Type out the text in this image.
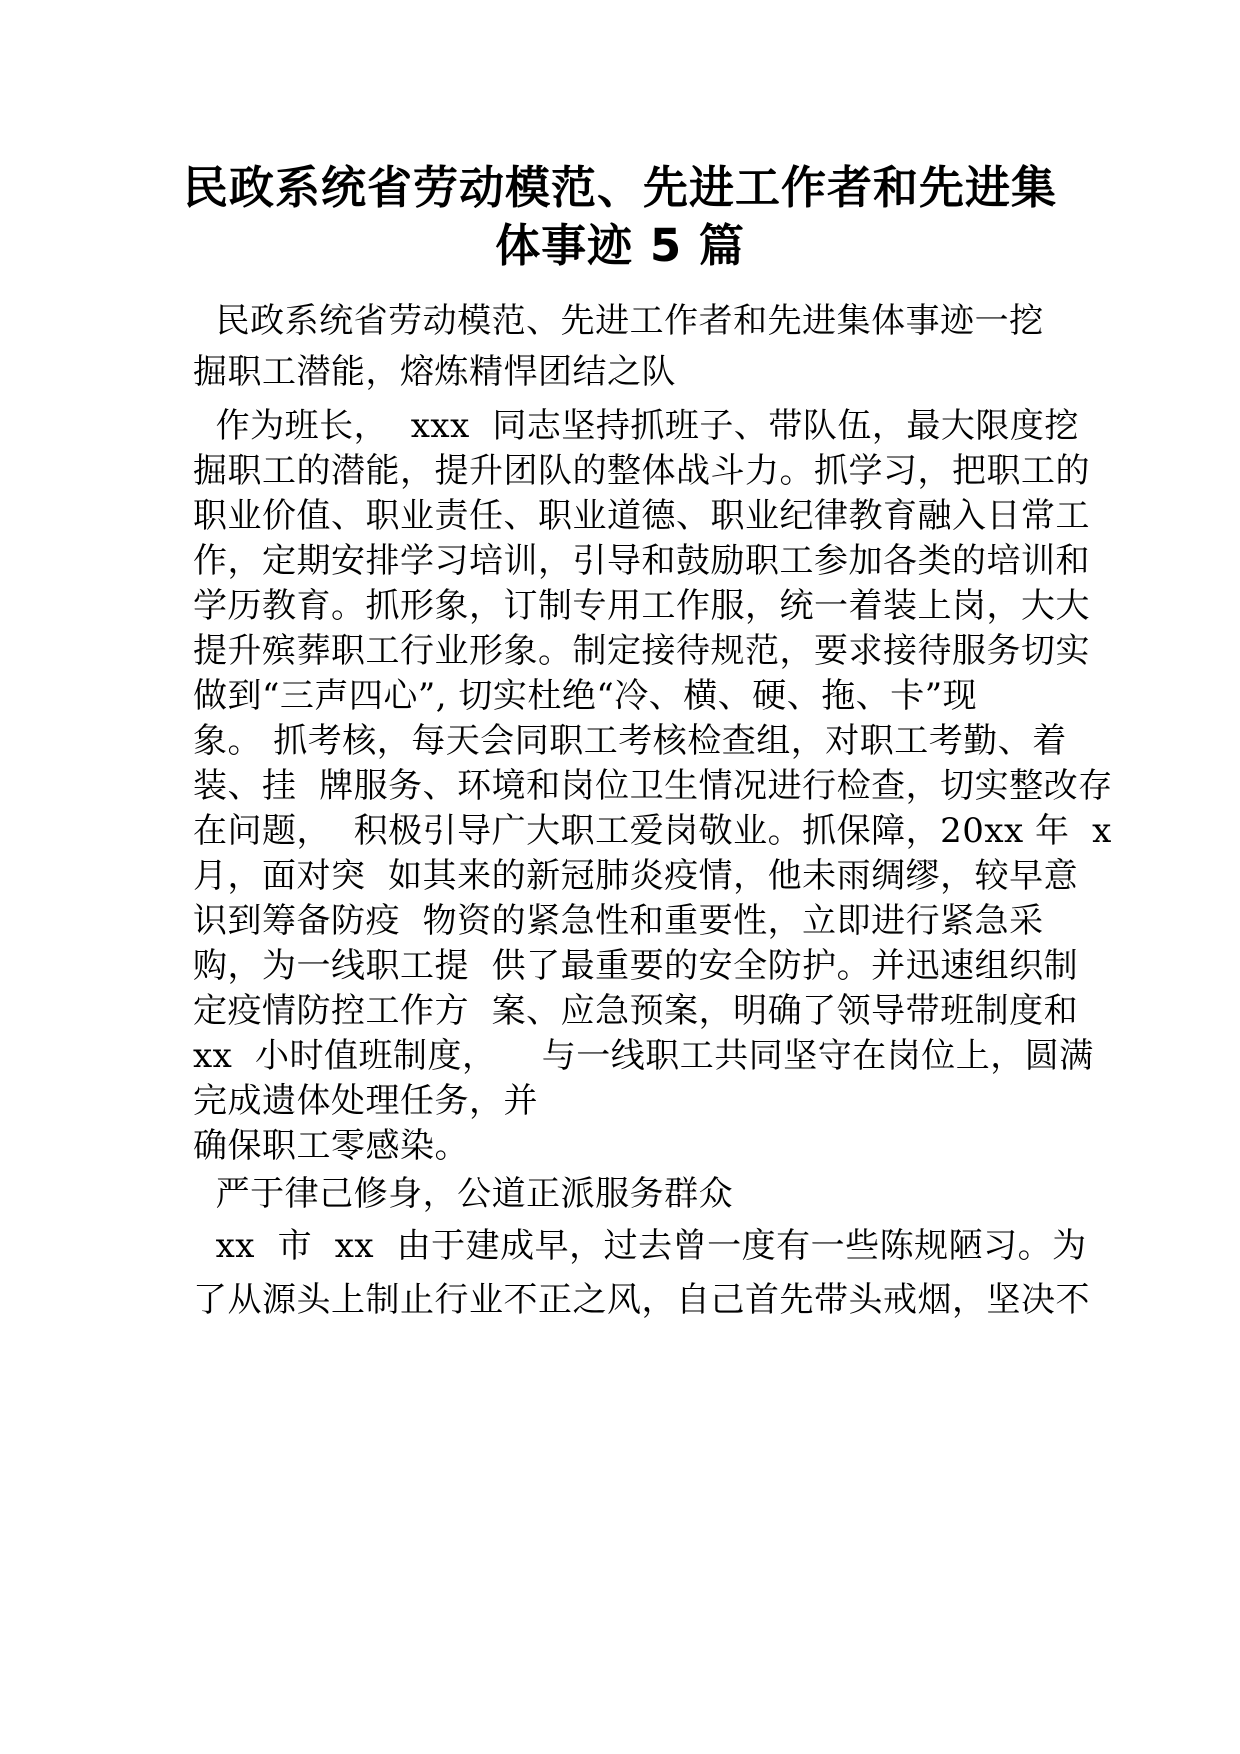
民政系统省劳动模范、先进工作者和先进集
体事迹 5 篇
民政系统省劳动模范、先进工作者和先进集体事迹一挖
掘职工潜能，熔炼精悍团结之队
作为班长，  xxx  同志坚持抓班子、带队伍，最大限度挖
掘职工的潜能，提升团队的整体战斗力。抓学习，把职工的
职业价值、职业责任、职业道德、职业纪律教育融入日常工
作，定期安排学习培训，引导和鼓励职工参加各类的培训和
学历教育。抓形象，订制专用工作服，统一着装上岗，大大
提升殡葬职工行业形象。制定接待规范，要求接待服务切实
做到“三声四心”, 切实杜绝“冷、横、硬、拖、卡”现
象。 抓考核，每天会同职工考核检查组，对职工考勤、着
装、挂  牌服务、环境和岗位卫生情况进行检查，切实整改存
在问题，  积极引导广大职工爱岗敬业。抓保障，20xx 年  x
月，面对突  如其来的新冠肺炎疫情，他未雨绸缪，较早意
识到筹备防疫  物资的紧急性和重要性，立即进行紧急采
购，为一线职工提  供了最重要的安全防护。并迅速组织制
定疫情防控工作方  案、应急预案，明确了领导带班制度和
xx  小时值班制度，    与一线职工共同坚守在岗位上，圆满
完成遗体处理任务，并
确保职工零感染。
严于律己修身，公道正派服务群众
xx  市  xx  由于建成早，过去曾一度有一些陈规陋习。为
了从源头上制止行业不正之风，自己首先带头戒烟，坚决不
